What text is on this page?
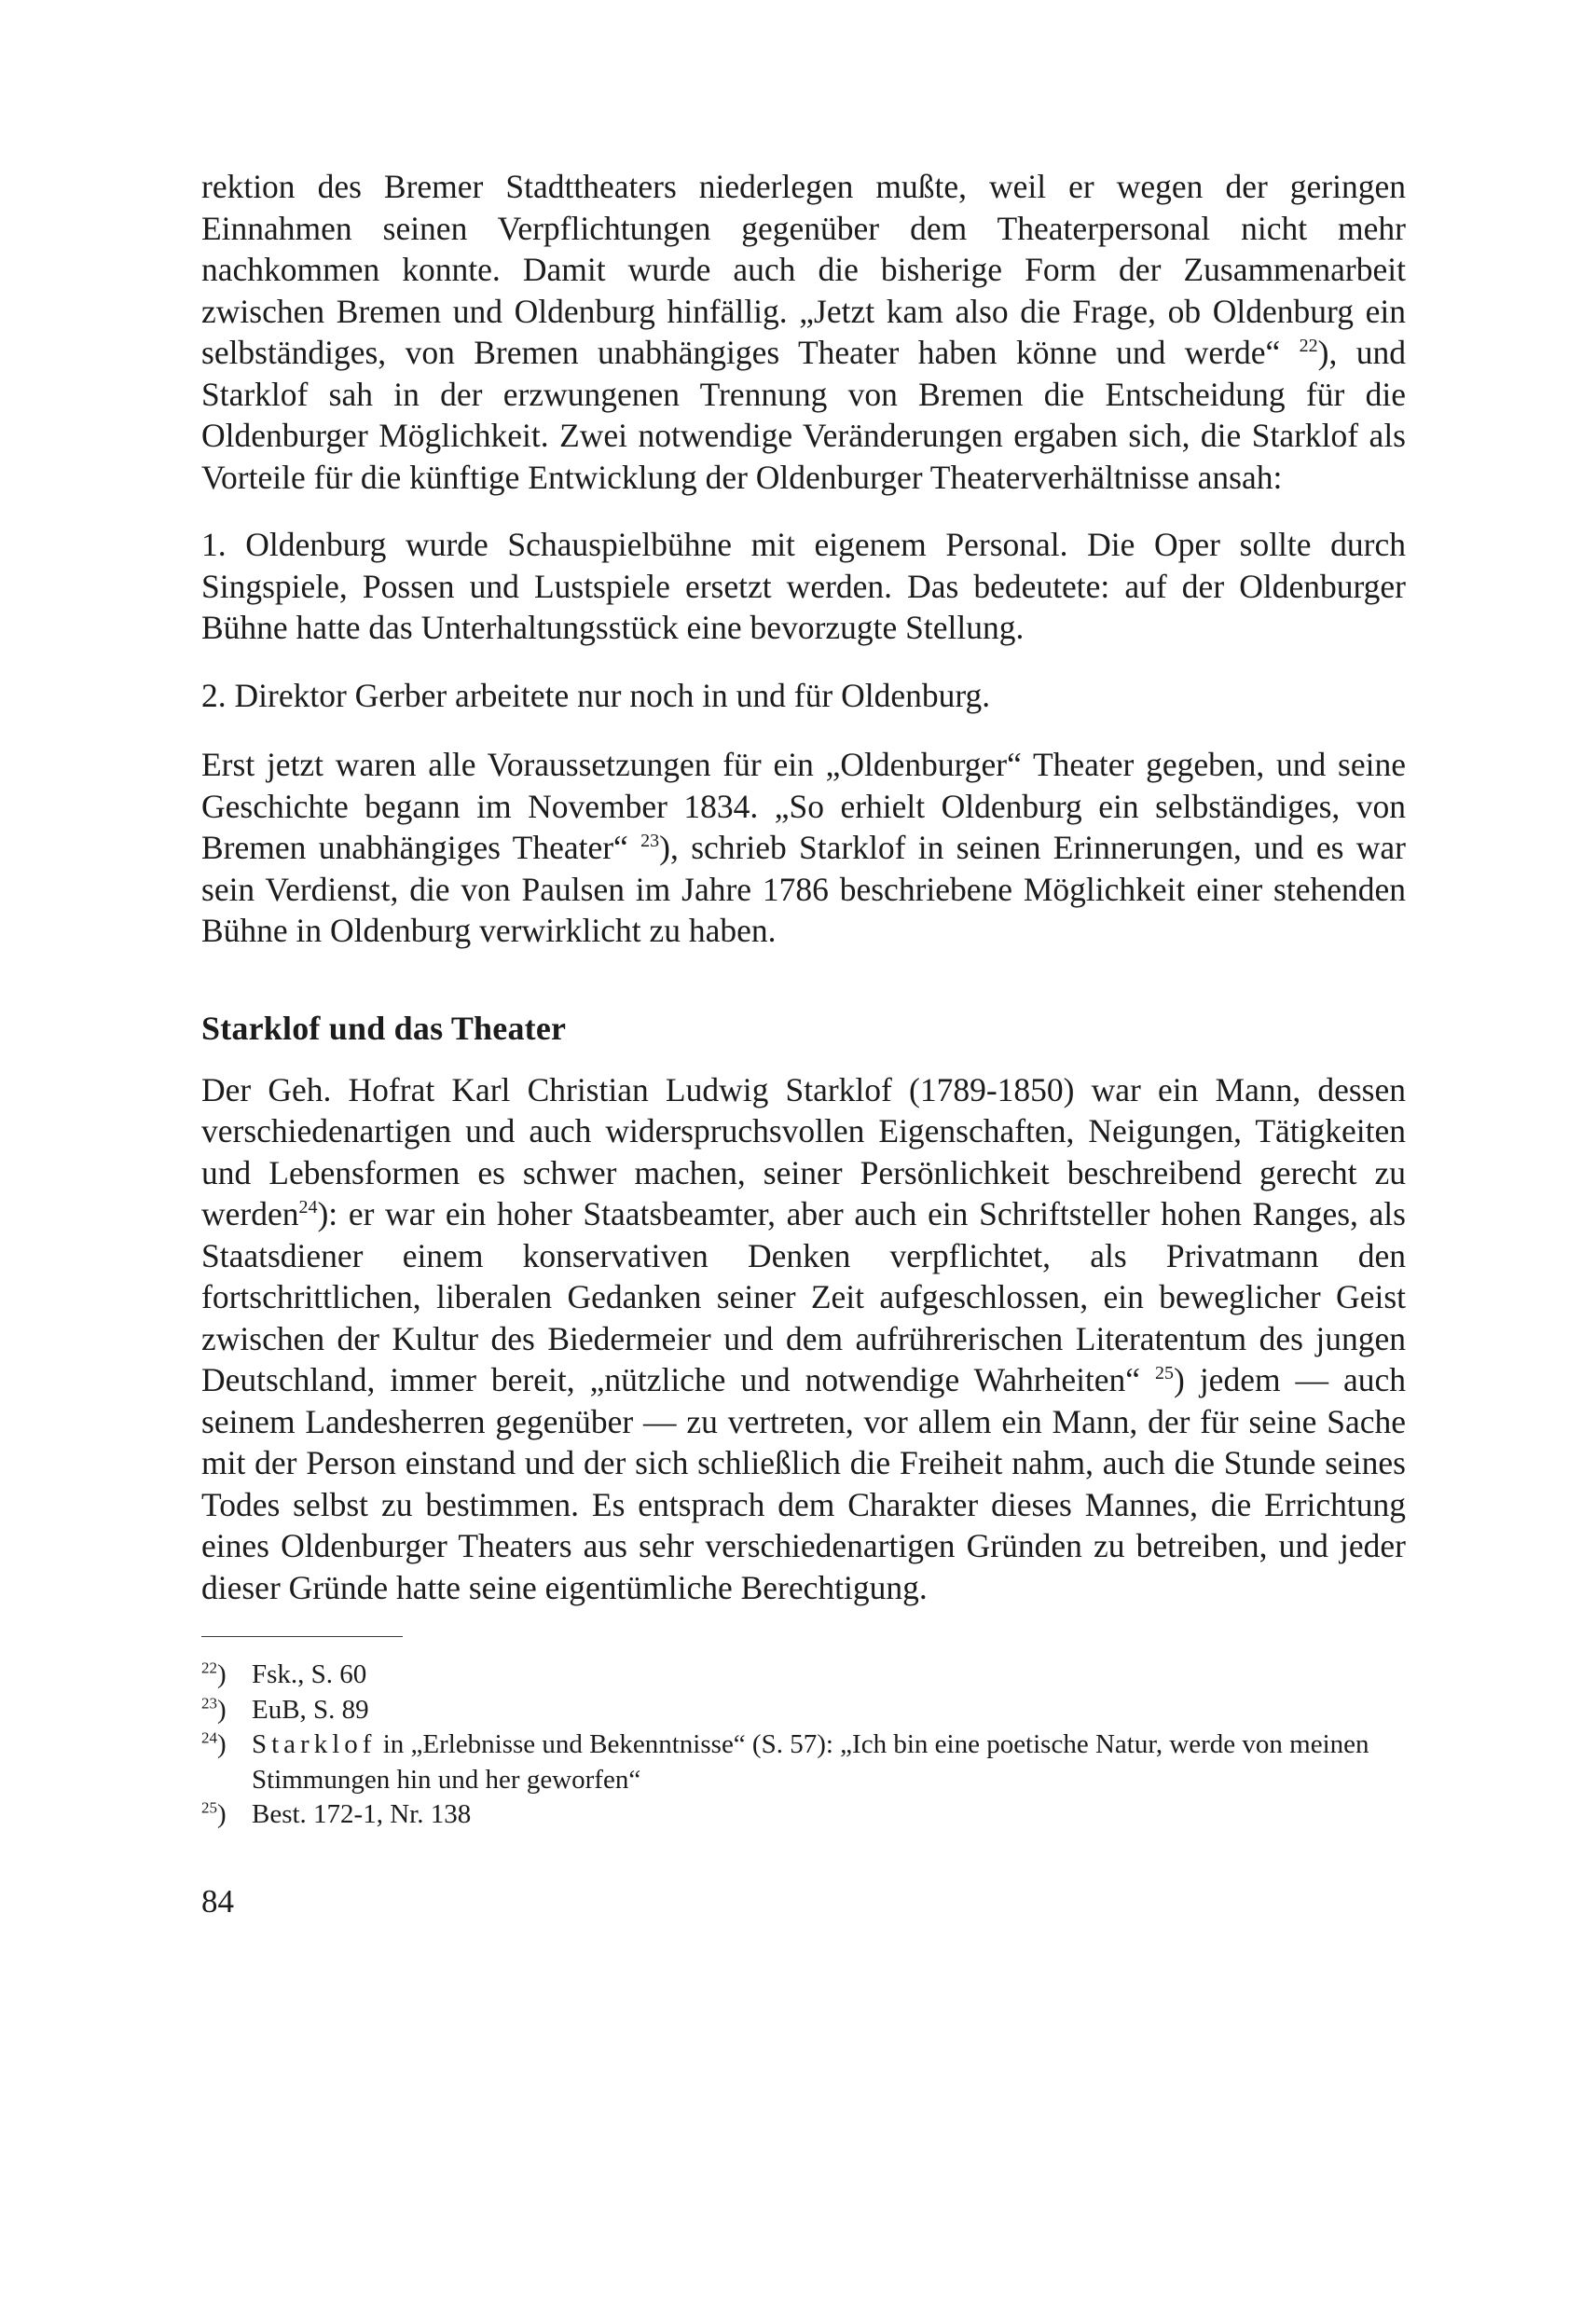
rektion des Bremer Stadttheaters niederlegen mußte, weil er wegen der geringen Einnahmen seinen Verpflichtungen gegenüber dem Theaterpersonal nicht mehr nachkommen konnte. Damit wurde auch die bisherige Form der Zusammenarbeit zwischen Bremen und Oldenburg hinfällig. „Jetzt kam also die Frage, ob Oldenburg ein selbständiges, von Bremen unabhängiges Theater haben könne und werde“ $^{22}$), und Starklof sah in der erzwungenen Trennung von Bremen die Entscheidung für die Oldenburger Möglichkeit. Zwei notwendige Veränderungen ergaben sich, die Starklof als Vorteile für die künftige Entwicklung der Oldenburger Theaterverhältnisse ansah:

1. Oldenburg wurde Schauspielbühne mit eigenem Personal. Die Oper sollte durch Singspiele, Possen und Lustspiele ersetzt werden. Das bedeutete: auf der Oldenburger Bühne hatte das Unterhaltungsstück eine bevorzugte Stellung.

2. Direktor Gerber arbeitete nur noch in und für Oldenburg.

Erst jetzt waren alle Voraussetzungen für ein „Oldenburger“ Theater gegeben, und seine Geschichte begann im November 1834. „So erhielt Oldenburg ein selbständiges, von Bremen unabhängiges Theater“ $^{23}$), schrieb Starklof in seinen Erinnerungen, und es war sein Verdienst, die von Paulsen im Jahre 1786 beschriebene Möglichkeit einer stehenden Bühne in Oldenburg verwirklicht zu haben.

Starklof und das Theater

Der Geh. Hofrat Karl Christian Ludwig Starklof (1789-1850) war ein Mann, dessen verschiedenartigen und auch widerspruchsvollen Eigenschaften, Neigungen, Tätigkeiten und Lebensformen es schwer machen, seiner Persönlichkeit beschreibend gerecht zu werden$^{24}$): er war ein hoher Staatsbeamter, aber auch ein Schriftsteller hohen Ranges, als Staatsdiener einem konservativen Denken verpflichtet, als Privatmann den fortschrittlichen, liberalen Gedanken seiner Zeit aufgeschlossen, ein beweglicher Geist zwischen der Kultur des Biedermeier und dem aufrührerischen Literatentum des jungen Deutschland, immer bereit, „nützliche und notwendige Wahrheiten“ $^{25}$) jedem — auch seinem Landesherren gegenüber — zu vertreten, vor allem ein Mann, der für seine Sache mit der Person einstand und der sich schließlich die Freiheit nahm, auch die Stunde seines Todes selbst zu bestimmen. Es entsprach dem Charakter dieses Mannes, die Errichtung eines Oldenburger Theaters aus sehr verschiedenartigen Gründen zu betreiben, und jeder dieser Gründe hatte seine eigentümliche Berechtigung.

$^{22}$) Fsk., S. 60
$^{23}$) EuB, S. 89
$^{24}$) Starklof in „Erlebnisse und Bekenntnisse“ (S. 57): „Ich bin eine poetische Natur, werde von meinen Stimmungen hin und her geworfen“
$^{25}$) Best. 172-1, Nr. 138
84
